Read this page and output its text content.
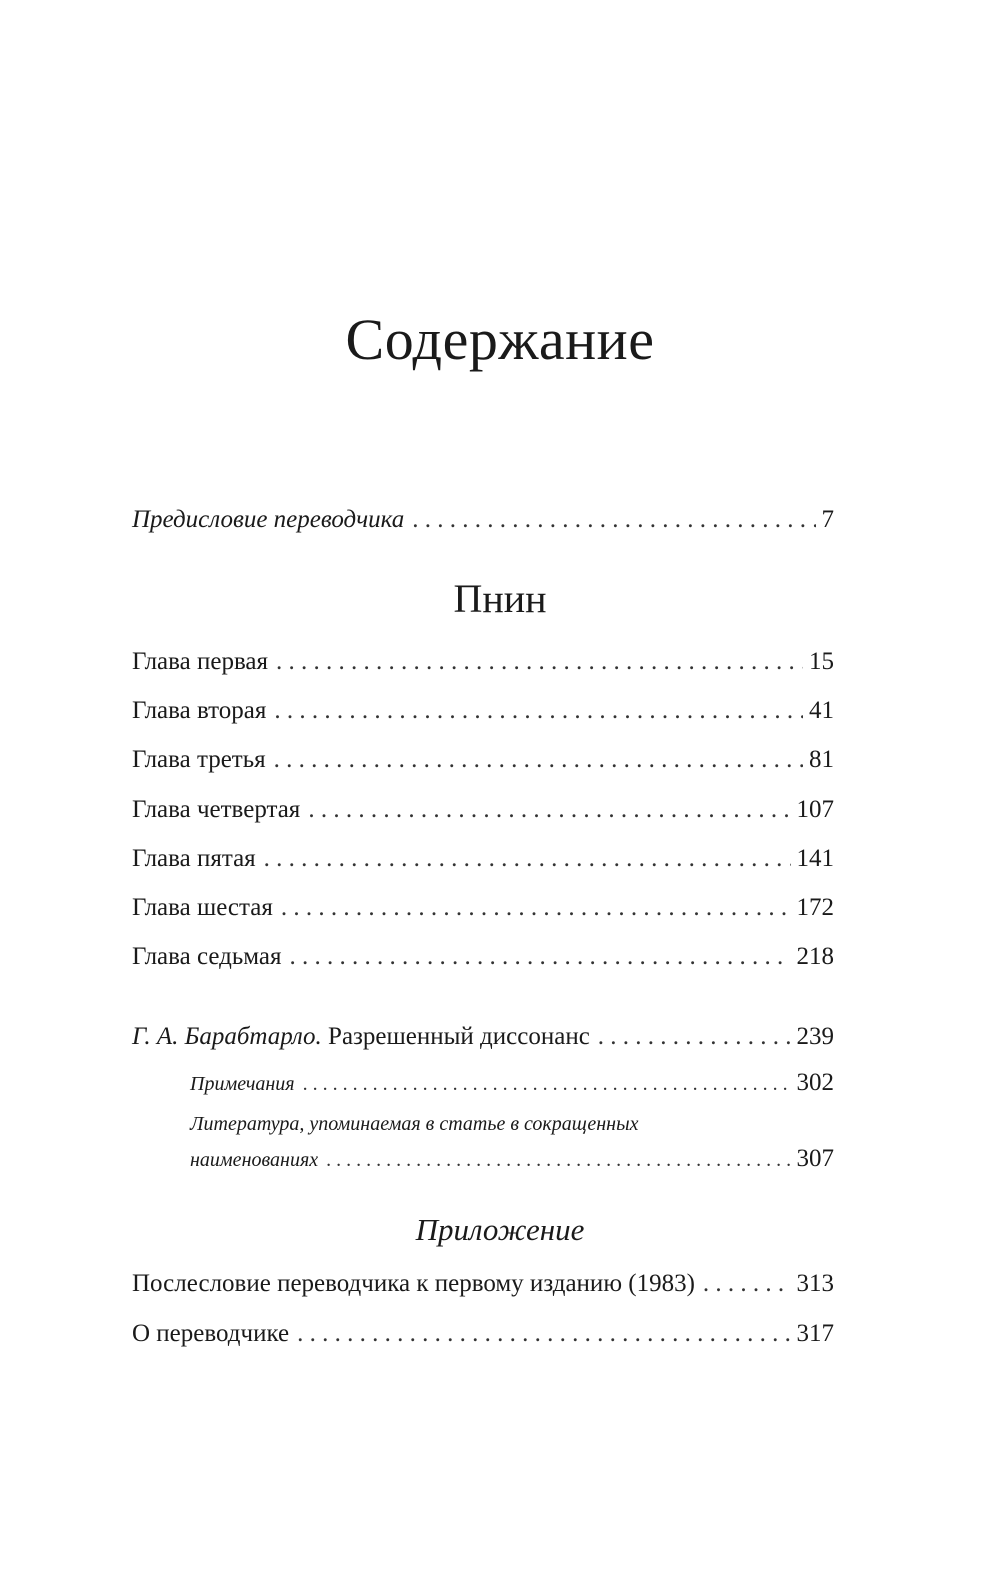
Содержание
Предисловие переводчика . . .	7
Пнин
Глава первая . . .	15
Глава вторая . . .	41
Глава третья . . .	81
Глава четвертая . . .	107
Глава пятая . . .	141
Глава шестая . . .	172
Глава седьмая . . .	218
Г. А. Барабтарло. Разрешенный диссонанс . . .	239
Примечания . . .	302
Литература, упоминаемая в статье в сокращенных
наименованиях . . .	307
Приложение
Послесловие переводчика к первому изданию (1983) . . .	313
О переводчике . . .	317
